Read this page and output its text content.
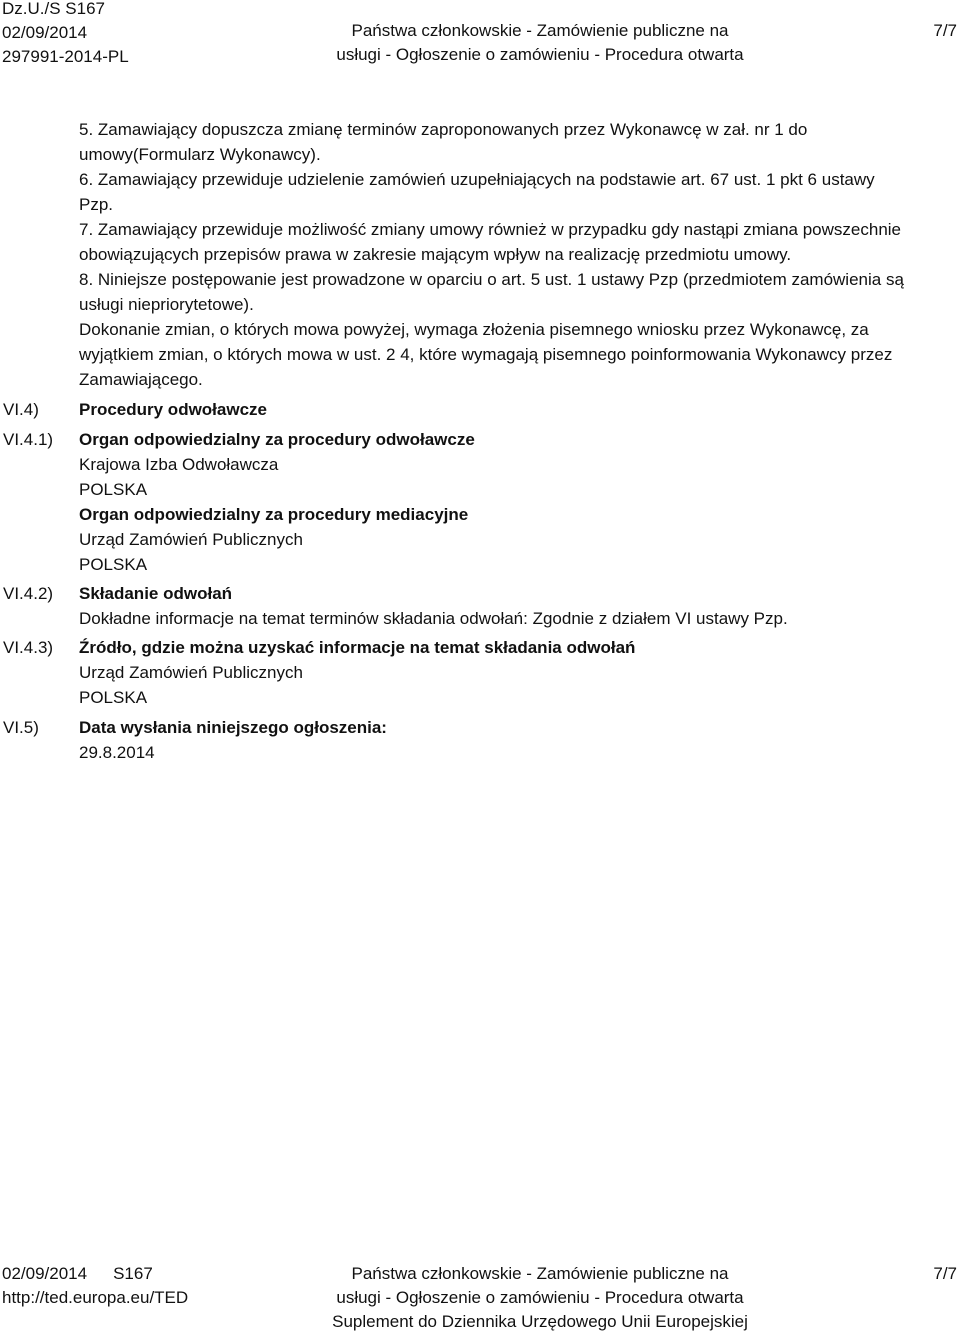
Dz.U./S S167
02/09/2014
297991-2014-PL
Państwa członkowskie - Zamówienie publiczne na
usługi - Ogłoszenie o zamówieniu - Procedura otwarta
7/7
5. Zamawiający dopuszcza zmianę terminów zaproponowanych przez Wykonawcę w zał. nr 1 do
umowy(Formularz Wykonawcy).
6. Zamawiający przewiduje udzielenie zamówień uzupełniających na podstawie art. 67 ust. 1 pkt 6 ustawy
Pzp.
7. Zamawiający przewiduje możliwość zmiany umowy również w przypadku gdy nastąpi zmiana powszechnie
obowiązujących przepisów prawa w zakresie mającym wpływ na realizację przedmiotu umowy.
8. Niniejsze postępowanie jest prowadzone w oparciu o art. 5 ust. 1 ustawy Pzp (przedmiotem zamówienia są
usługi niepriorytetowe).
Dokonanie zmian, o których mowa powyżej, wymaga złożenia pisemnego wniosku przez Wykonawcę, za
wyjątkiem zmian, o których mowa w ust. 2 4, które wymagają pisemnego poinformowania Wykonawcy przez
Zamawiającego.
VI.4)
VI.4.1)
VI.4.2)
VI.4.3)
VI.5)
Procedury odwoławcze
Organ odpowiedzialny za procedury odwoławcze
Krajowa Izba Odwoławcza
POLSKA
Organ odpowiedzialny za procedury mediacyjne
Urząd Zamówień Publicznych
POLSKA
Składanie odwołań
Dokładne informacje na temat terminów składania odwołań: Zgodnie z działem VI ustawy Pzp.
Źródło, gdzie można uzyskać informacje na temat składania odwołań
Urząd Zamówień Publicznych
POLSKA
Data wysłania niniejszego ogłoszenia:
29.8.2014
02/09/2014 S167
http://ted.europa.eu/TED
Państwa członkowskie - Zamówienie publiczne na
usługi - Ogłoszenie o zamówieniu - Procedura otwarta
Suplement do Dziennika Urzędowego Unii Europejskiej
7/7
